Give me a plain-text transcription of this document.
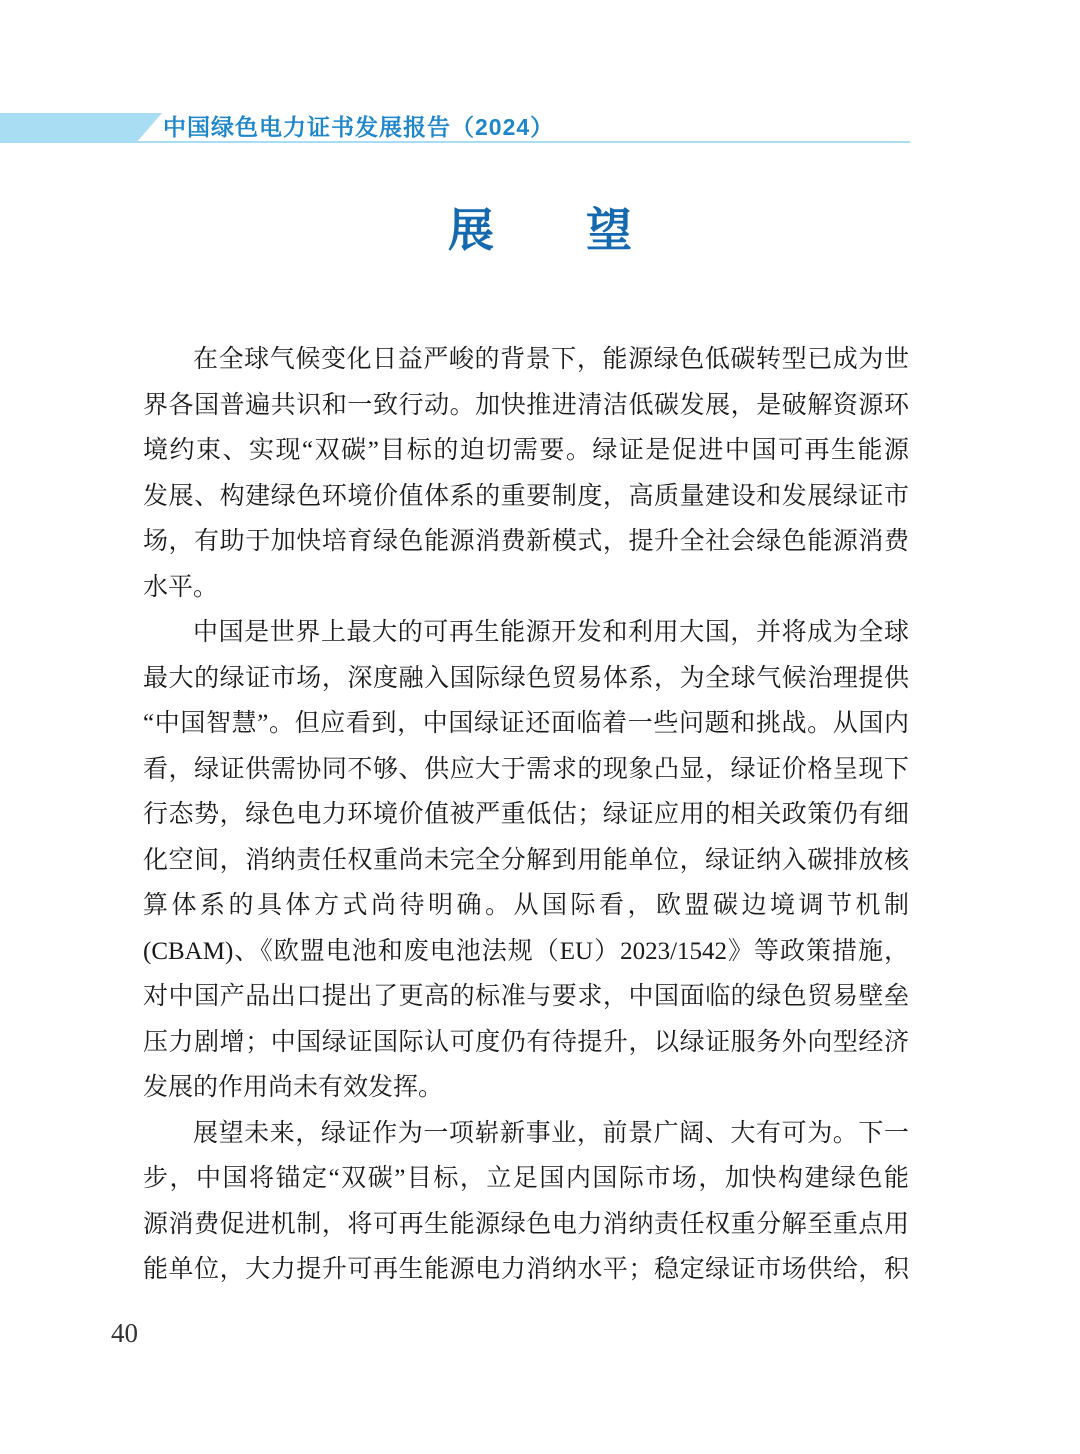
中国绿色电力证书发展报告（2024）
展　　望
在全球气候变化日益严峻的背景下，能源绿色低碳转型已成为世
界各国普遍共识和一致行动。加快推进清洁低碳发展，是破解资源环
境约束、实现“双碳”目标的迫切需要。绿证是促进中国可再生能源
发展、构建绿色环境价值体系的重要制度，高质量建设和发展绿证市
场，有助于加快培育绿色能源消费新模式，提升全社会绿色能源消费
水平。
中国是世界上最大的可再生能源开发和利用大国，并将成为全球
最大的绿证市场，深度融入国际绿色贸易体系，为全球气候治理提供
“中国智慧”。但应看到，中国绿证还面临着一些问题和挑战。从国内
看，绿证供需协同不够、供应大于需求的现象凸显，绿证价格呈现下
行态势，绿色电力环境价值被严重低估；绿证应用的相关政策仍有细
化空间，消纳责任权重尚未完全分解到用能单位，绿证纳入碳排放核
算体系的具体方式尚待明确。从国际看，欧盟碳边境调节机制
(CBAM)、《欧盟电池和废电池法规（EU）2023/1542》等政策措施，
对中国产品出口提出了更高的标准与要求，中国面临的绿色贸易壁垒
压力剧增；中国绿证国际认可度仍有待提升，以绿证服务外向型经济
发展的作用尚未有效发挥。
展望未来，绿证作为一项崭新事业，前景广阔、大有可为。下一
步，中国将锚定“双碳”目标，立足国内国际市场，加快构建绿色能
源消费促进机制，将可再生能源绿色电力消纳责任权重分解至重点用
能单位，大力提升可再生能源电力消纳水平；稳定绿证市场供给，积
40
